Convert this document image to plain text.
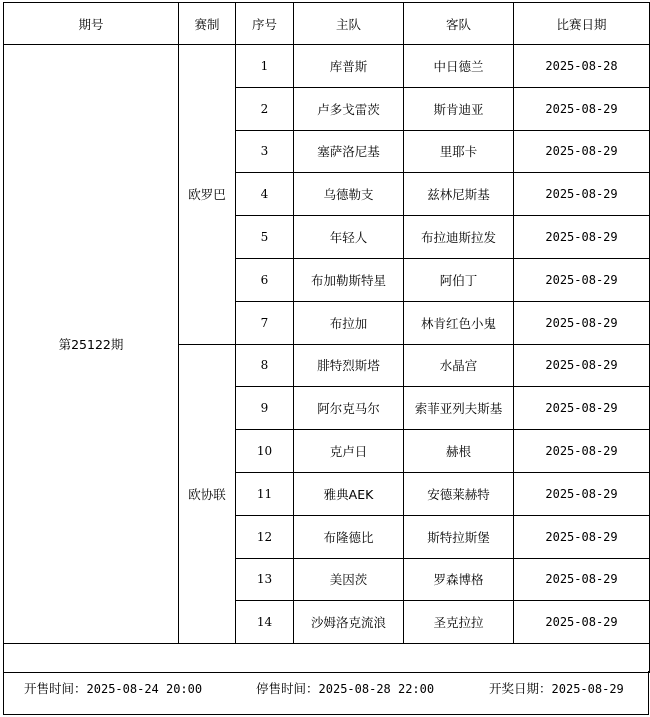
期号	赛制	序号	主队	客队	比赛日期
第25122期	欧罗巴	1	库普斯	中日德兰	2025-08-28
		2	卢多戈雷茨	斯肯迪亚	2025-08-29
		3	塞萨洛尼基	里耶卡	2025-08-29
		4	乌德勒支	兹林尼斯基	2025-08-29
		5	年轻人	布拉迪斯拉发	2025-08-29
		6	布加勒斯特星	阿伯丁	2025-08-29
		7	布拉加	林肯红色小鬼	2025-08-29
	欧协联	8	腓特烈斯塔	水晶宫	2025-08-29
		9	阿尔克马尔	索菲亚列夫斯基	2025-08-29
		10	克卢日	赫根	2025-08-29
		11	雅典AEK	安德莱赫特	2025-08-29
		12	布隆德比	斯特拉斯堡	2025-08-29
		13	美因茨	罗森博格	2025-08-29
		14	沙姆洛克流浪	圣克拉拉	2025-08-29

开售时间：2025-08-24 20:00	停售时间：2025-08-28 22:00	开奖日期：2025-08-29
